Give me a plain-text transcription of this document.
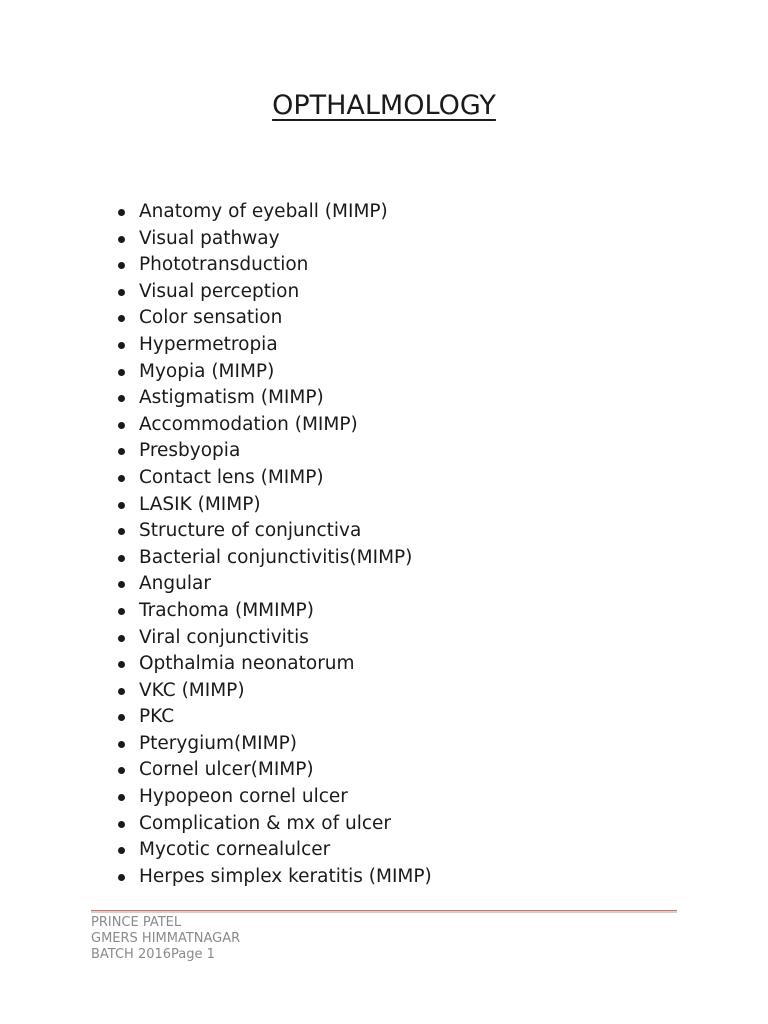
OPTHALMOLOGY
Anatomy of eyeball (MIMP)
Visual pathway
Phototransduction
Visual perception
Color sensation
Hypermetropia
Myopia (MIMP)
Astigmatism (MIMP)
Accommodation (MIMP)
Presbyopia
Contact lens (MIMP)
LASIK (MIMP)
Structure of conjunctiva
Bacterial conjunctivitis(MIMP)
Angular
Trachoma (MMIMP)
Viral conjunctivitis
Opthalmia neonatorum
VKC (MIMP)
PKC
Pterygium(MIMP)
Cornel ulcer(MIMP)
Hypopeon cornel ulcer
Complication & mx of ulcer
Mycotic cornealulcer
Herpes simplex keratitis (MIMP)
PRINCE PATEL
GMERS HIMMATNAGAR
BATCH 2016Page 1
